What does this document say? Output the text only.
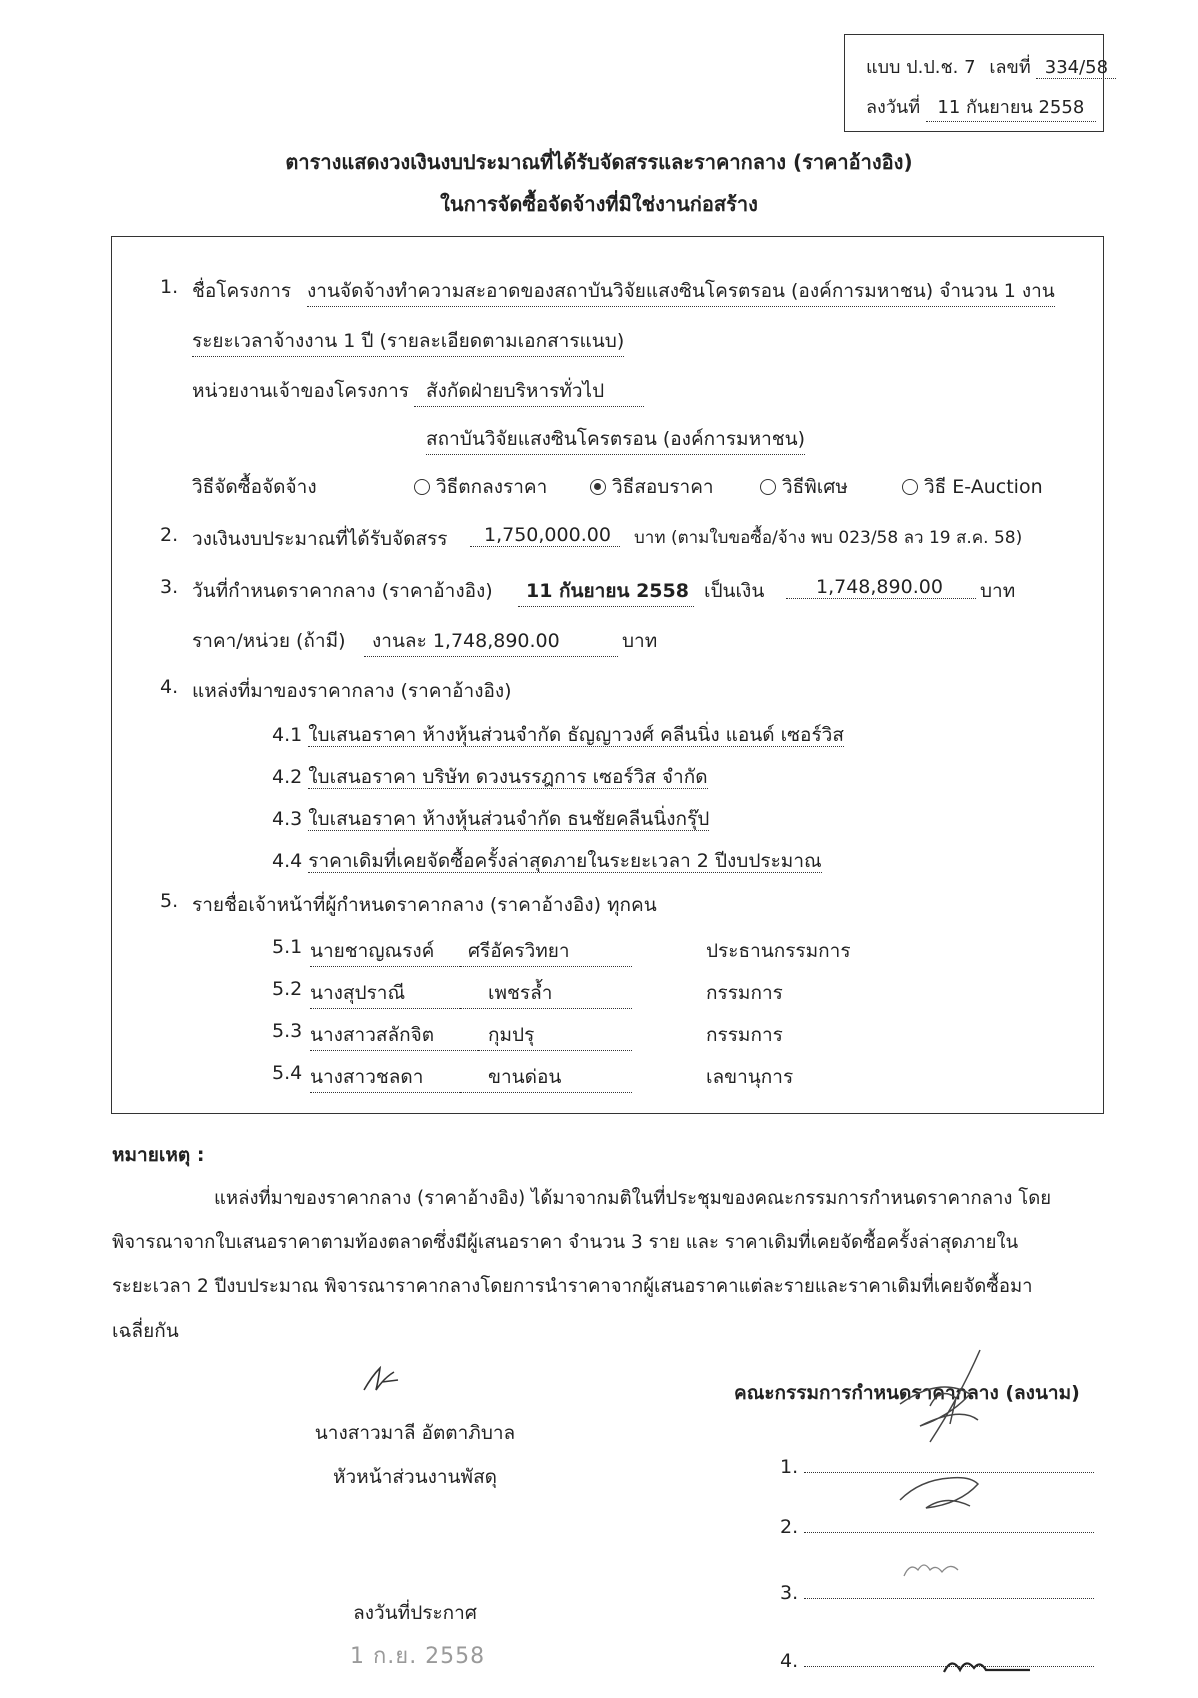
แบบ ป.ป.ช. 7 เลขที่ 334/58
ลงวันที่ 11 กันยายน 2558
ตารางแสดงวงเงินงบประมาณที่ได้รับจัดสรรและราคากลาง (ราคาอ้างอิง)
ในการจัดซื้อจัดจ้างที่มิใช่งานก่อสร้าง
1. ชื่อโครงการ งานจัดจ้างทำความสะอาดของสถาบันวิจัยแสงซินโครตรอน (องค์การมหาชน) จำนวน 1 งาน
ระยะเวลาจ้างงาน 1 ปี (รายละเอียดตามเอกสารแนบ)
หน่วยงานเจ้าของโครงการ สังกัดฝ่ายบริหารทั่วไป
สถาบันวิจัยแสงซินโครตรอน (องค์การมหาชน)
วิธีจัดซื้อจัดจ้าง	วิธีตกลงราคา	วิธีสอบราคา	วิธีพิเศษ	วิธี E-Auction
2. วงเงินงบประมาณที่ได้รับจัดสรร	1,750,000.00	บาท (ตามใบขอซื้อ/จ้าง พบ 023/58 ลว 19 ส.ค. 58)
3. วันที่กำหนดราคากลาง (ราคาอ้างอิง)	11 กันยายน 2558 เป็นเงิน	1,748,890.00	บาท
ราคา/หน่วย (ถ้ามี)	งานละ 1,748,890.00	บาท
4. แหล่งที่มาของราคากลาง (ราคาอ้างอิง)
4.1 ใบเสนอราคา ห้างหุ้นส่วนจำกัด ธัญญาวงศ์ คลีนนิ่ง แอนด์ เซอร์วิส
4.2 ใบเสนอราคา บริษัท ดวงนรรฎการ เซอร์วิส จำกัด
4.3 ใบเสนอราคา ห้างหุ้นส่วนจำกัด ธนชัยคลีนนิ่งกรุ๊ป
4.4 ราคาเดิมที่เคยจัดซื้อครั้งล่าสุดภายในระยะเวลา 2 ปีงบประมาณ
5. รายชื่อเจ้าหน้าที่ผู้กำหนดราคากลาง (ราคาอ้างอิง) ทุกคน
5.1 นายชาญณรงค์	ศรีอัครวิทยา	ประธานกรรมการ
5.2 นางสุปราณี	เพชรล้ำ	กรรมการ
5.3 นางสาวสลักจิต	กุมปรุ	กรรมการ
5.4 นางสาวชลดา	ขานด่อน	เลขานุการ
หมายเหตุ :
แหล่งที่มาของราคากลาง (ราคาอ้างอิง) ได้มาจากมติในที่ประชุมของคณะกรรมการกำหนดราคากลาง โดย
พิจารณาจากใบเสนอราคาตามท้องตลาดซึ่งมีผู้เสนอราคา จำนวน 3 ราย และ ราคาเดิมที่เคยจัดซื้อครั้งล่าสุดภายใน
ระยะเวลา 2 ปีงบประมาณ พิจารณาราคากลางโดยการนำราคาจากผู้เสนอราคาแต่ละรายและราคาเดิมที่เคยจัดซื้อมา
เฉลี่ยกัน
นางสาวมาลี อัตตาภิบาล
หัวหน้าส่วนงานพัสดุ
ลงวันที่ประกาศ
1 ก.ย. 2558
คณะกรรมการกำหนดราคากลาง (ลงนาม)
1.
2.
3.
4.
